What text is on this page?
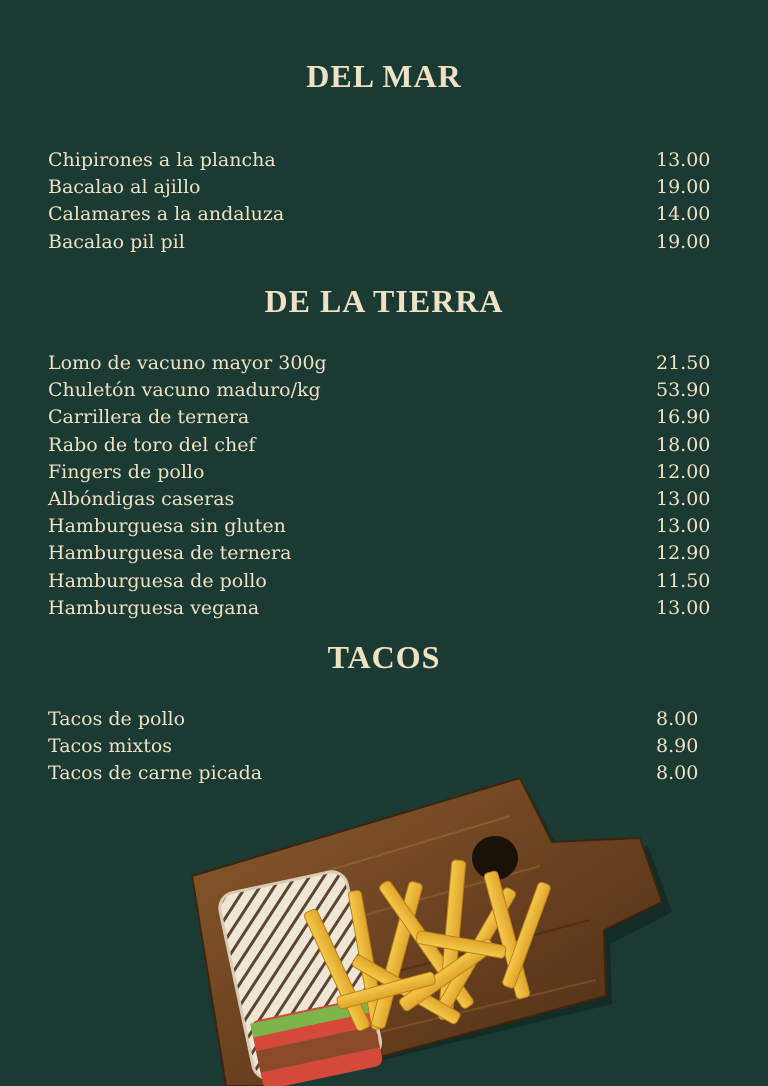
DEL MAR
Chipirones a la plancha	13.00
Bacalao al ajillo	19.00
Calamares a la andaluza	14.00
Bacalao pil pil	19.00
DE LA TIERRA
Lomo de vacuno mayor 300g	21.50
Chuletón vacuno maduro/kg	53.90
Carrillera de ternera	16.90
Rabo de toro del chef	18.00
Fingers de pollo	12.00
Albóndigas caseras	13.00
Hamburguesa sin gluten	13.00
Hamburguesa de ternera	12.90
Hamburguesa de pollo	11.50
Hamburguesa vegana	13.00
TACOS
Tacos de pollo	8.00
Tacos mixtos	8.90
Tacos de carne picada	8.00
